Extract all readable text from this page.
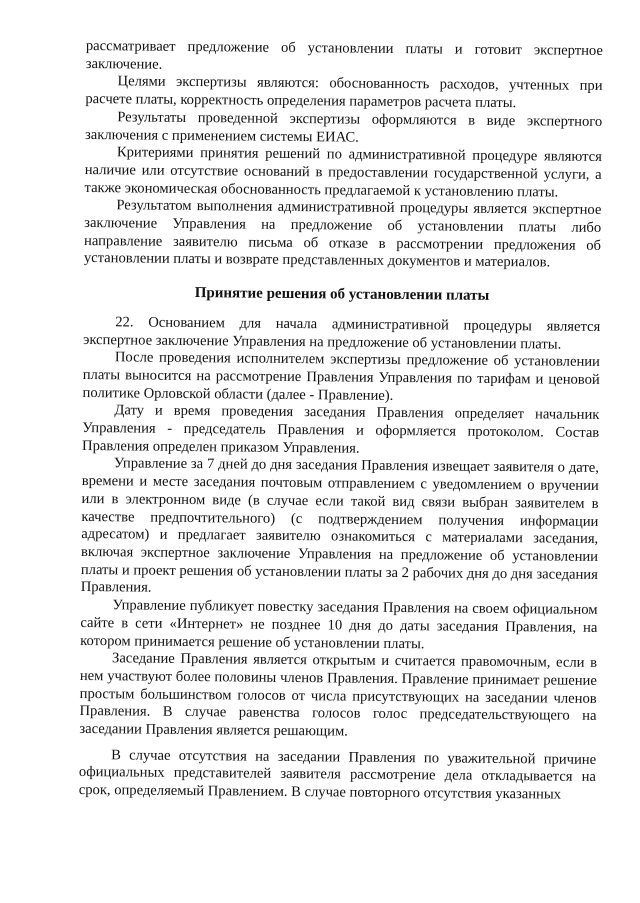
рассматривает предложение об установлении платы и готовит экспертное заключение.

Целями экспертизы являются: обоснованность расходов, учтенных при расчете платы, корректность определения параметров расчета платы.

Результаты проведенной экспертизы оформляются в виде экспертного заключения с применением системы ЕИАС.

Критериями принятия решений по административной процедуре являются наличие или отсутствие оснований в предоставлении государственной услуги, а также экономическая обоснованность предлагаемой к установлению платы.

Результатом выполнения административной процедуры является экспертное заключение Управления на предложение об установлении платы либо направление заявителю письма об отказе в рассмотрении предложения об установлении платы и возврате представленных документов и материалов.

Принятие решения об установлении платы

22. Основанием для начала административной процедуры является экспертное заключение Управления на предложение об установлении платы.

После проведения исполнителем экспертизы предложение об установлении платы выносится на рассмотрение Правления Управления по тарифам и ценовой политике Орловской области (далее - Правление).

Дату и время проведения заседания Правления определяет начальник Управления - председатель Правления и оформляется протоколом. Состав Правления определен приказом Управления.

Управление за 7 дней до дня заседания Правления извещает заявителя о дате, времени и месте заседания почтовым отправлением с уведомлением о вручении или в электронном виде (в случае если такой вид связи выбран заявителем в качестве предпочтительного) (с подтверждением получения информации адресатом) и предлагает заявителю ознакомиться с материалами заседания, включая экспертное заключение Управления на предложение об установлении платы и проект решения об установлении платы за 2 рабочих дня до дня заседания Правления.

Управление публикует повестку заседания Правления на своем официальном сайте в сети «Интернет» не позднее 10 дня до даты заседания Правления, на котором принимается решение об установлении платы.

Заседание Правления является открытым и считается правомочным, если в нем участвуют более половины членов Правления. Правление принимает решение простым большинством голосов от числа присутствующих на заседании членов Правления. В случае равенства голосов голос председательствующего на заседании Правления является решающим.

В случае отсутствия на заседании Правления по уважительной причине официальных представителей заявителя рассмотрение дела откладывается на срок, определяемый Правлением. В случае повторного отсутствия указанных
